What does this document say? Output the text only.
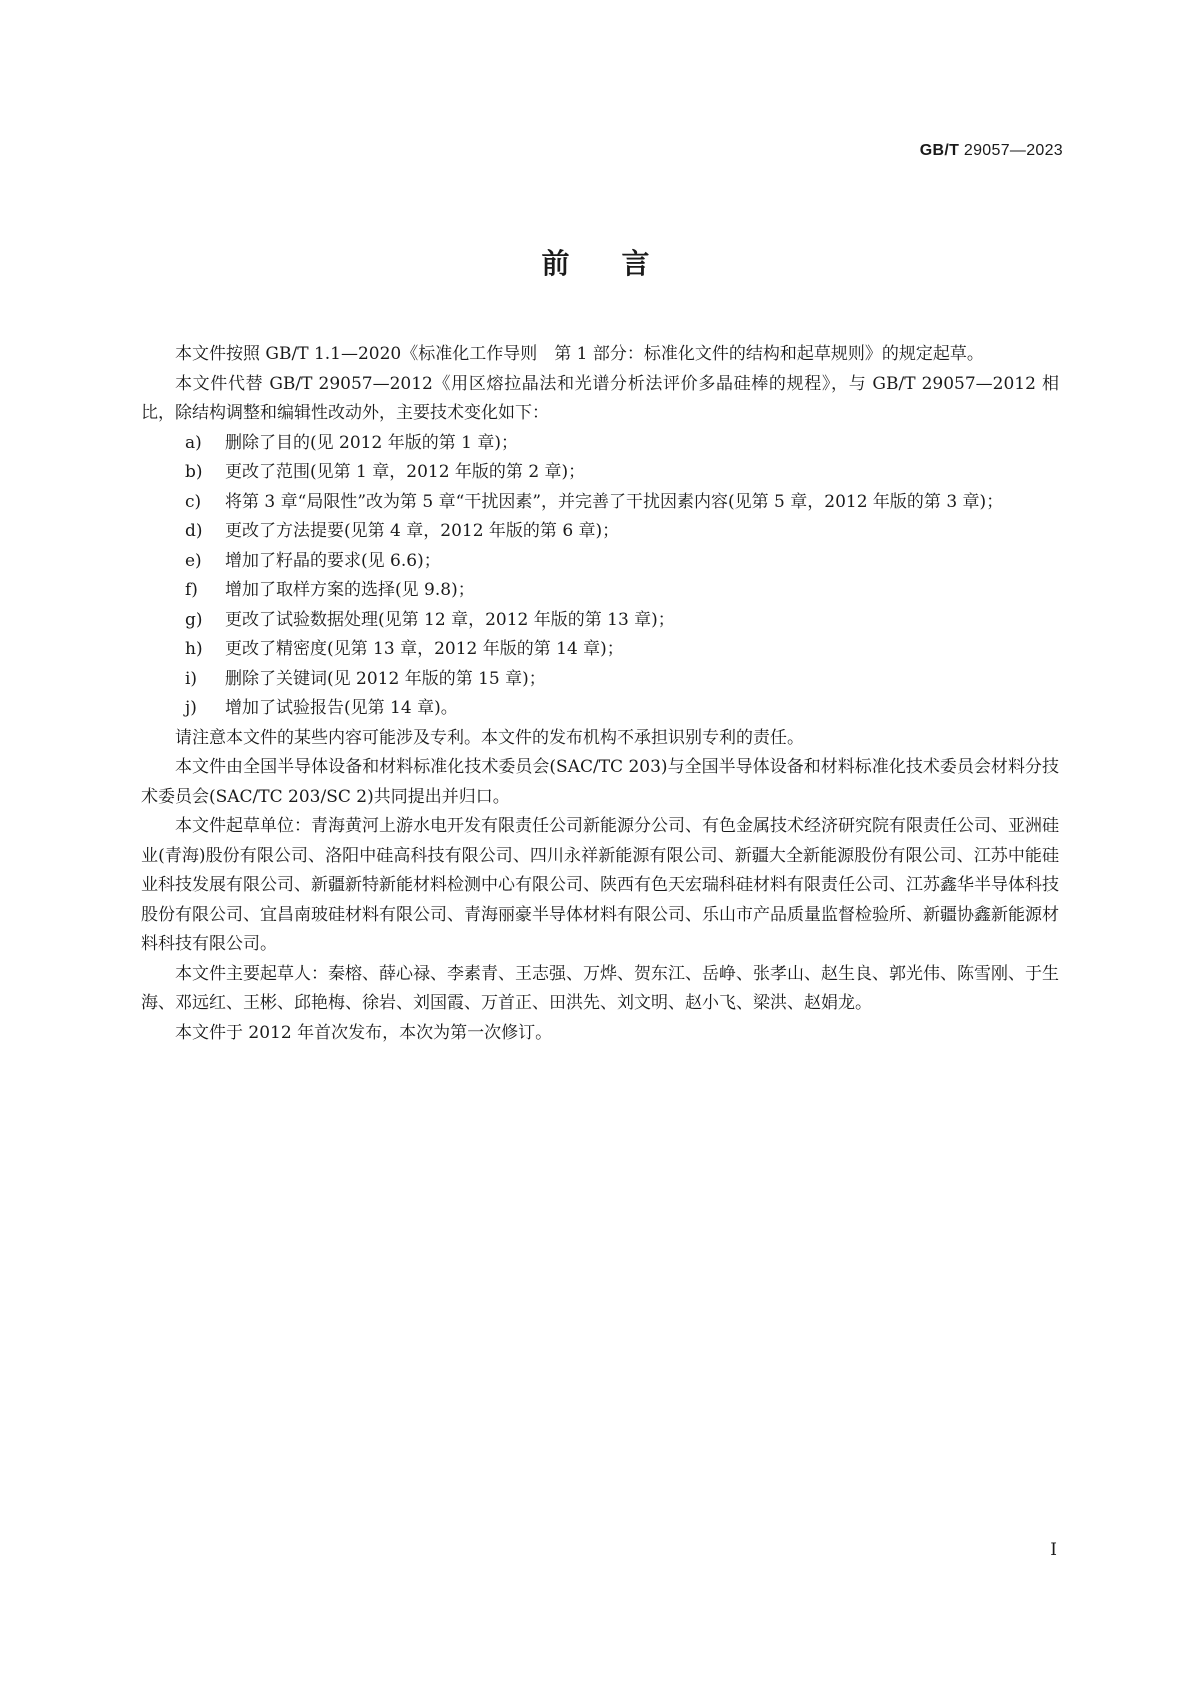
GB/T 29057—2023
前言

本文件按照 GB/T 1.1—2020《标准化工作导则　第 1 部分：标准化文件的结构和起草规则》的规定起草。

本文件代替 GB/T 29057—2012《用区熔拉晶法和光谱分析法评价多晶硅棒的规程》，与 GB/T 29057—2012 相比，除结构调整和编辑性改动外，主要技术变化如下：

a)	删除了目的(见 2012 年版的第 1 章)；
b)	更改了范围(见第 1 章，2012 年版的第 2 章)；
c)	将第 3 章“局限性”改为第 5 章“干扰因素”，并完善了干扰因素内容(见第 5 章，2012 年版的第 3 章)；
d)	更改了方法提要(见第 4 章，2012 年版的第 6 章)；
e)	增加了籽晶的要求(见 6.6)；
f)	增加了取样方案的选择(见 9.8)；
g)	更改了试验数据处理(见第 12 章，2012 年版的第 13 章)；
h)	更改了精密度(见第 13 章，2012 年版的第 14 章)；
i)	删除了关键词(见 2012 年版的第 15 章)；
j)	增加了试验报告(见第 14 章)。

请注意本文件的某些内容可能涉及专利。本文件的发布机构不承担识别专利的责任。

本文件由全国半导体设备和材料标准化技术委员会(SAC/TC 203)与全国半导体设备和材料标准化技术委员会材料分技术委员会(SAC/TC 203/SC 2)共同提出并归口。

本文件起草单位：青海黄河上游水电开发有限责任公司新能源分公司、有色金属技术经济研究院有限责任公司、亚洲硅业(青海)股份有限公司、洛阳中硅高科技有限公司、四川永祥新能源有限公司、新疆大全新能源股份有限公司、江苏中能硅业科技发展有限公司、新疆新特新能材料检测中心有限公司、陕西有色天宏瑞科硅材料有限责任公司、江苏鑫华半导体科技股份有限公司、宜昌南玻硅材料有限公司、青海丽豪半导体材料有限公司、乐山市产品质量监督检验所、新疆协鑫新能源材料科技有限公司。

本文件主要起草人：秦榕、薛心禄、李素青、王志强、万烨、贺东江、岳峥、张孝山、赵生良、郭光伟、陈雪刚、于生海、邓远红、王彬、邱艳梅、徐岩、刘国霞、万首正、田洪先、刘文明、赵小飞、梁洪、赵娟龙。

本文件于 2012 年首次发布，本次为第一次修订。

I
